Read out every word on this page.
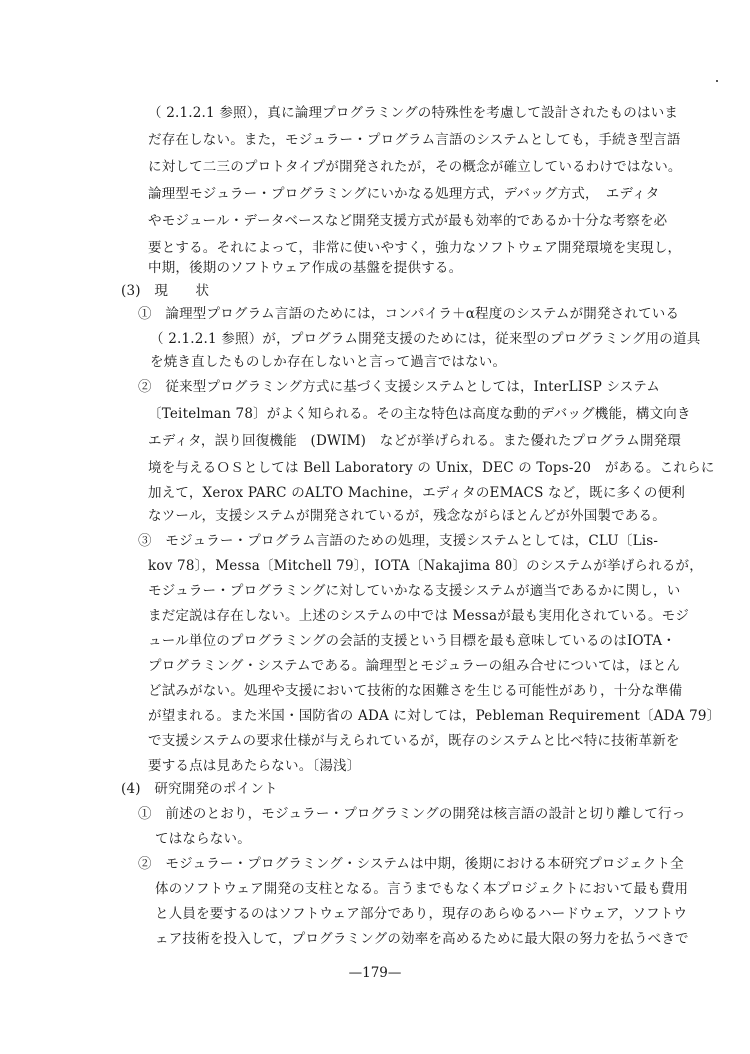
（ 2.1.2.1 参照），真に論理プログラミングの特殊性を考慮して設計されたものはいま
だ存在しない。また，モジュラー・プログラム言語のシステムとしても，手続き型言語
に対して二三のプロトタイプが開発されたが，その概念が確立しているわけではない。
論理型モジュラー・プログラミングにいかなる処理方式，デバッグ方式，　エディタ
やモジュール・データベースなど開発支援方式が最も効率的であるか十分な考察を必
要とする。それによって，非常に使いやすく，強力なソフトウェア開発環境を実現し，
中期，後期のソフトウェア作成の基盤を提供する。
(3)　現　　状
①　論理型プログラム言語のためには，コンパイラ＋α程度のシステムが開発されている
（ 2.1.2.1 参照）が，プログラム開発支援のためには，従来型のプログラミング用の道具
を焼き直したものしか存在しないと言って過言ではない。
②　従来型プログラミング方式に基づく支援システムとしては，InterLISP システム
〔Teitelman 78〕がよく知られる。その主な特色は高度な動的デバッグ機能，構文向き
エディタ，誤り回復機能　(DWIM)　などが挙げられる。また優れたプログラム開発環
境を与えるＯＳとしては Bell Laboratory の Unix，DEC の Tops-20　がある。これらに
加えて，Xerox PARC のALTO Machine，エディタのEMACS など，既に多くの便利
なツール，支援システムが開発されているが，残念ながらほとんどが外国製である。
③　モジュラー・プログラム言語のための処理，支援システムとしては，CLU〔Lis-
kov 78〕，Messa〔Mitchell 79〕，IOTA〔Nakajima 80〕のシステムが挙げられるが，
モジュラー・プログラミングに対していかなる支援システムが適当であるかに関し，い
まだ定説は存在しない。上述のシステムの中では Messaが最も実用化されている。モジ
ュール単位のプログラミングの会話的支援という目標を最も意味しているのはIOTA・
プログラミング・システムである。論理型とモジュラーの組み合せについては，ほとん
ど試みがない。処理や支援において技術的な困難さを生じる可能性があり，十分な準備
が望まれる。また米国・国防省の ADA に対しては，Pebleman Requirement〔ADA 79〕
で支援システムの要求仕様が与えられているが，既存のシステムと比べ特に技術革新を
要する点は見あたらない。〔湯浅〕
(4)　研究開発のポイント
①　前述のとおり，モジュラー・プログラミングの開発は核言語の設計と切り離して行っ
てはならない。
②　モジュラー・プログラミング・システムは中期，後期における本研究プロジェクト全
体のソフトウェア開発の支柱となる。言うまでもなく本プロジェクトにおいて最も費用
と人員を要するのはソフトウェア部分であり，現存のあらゆるハードウェア，ソフトウ
ェア技術を投入して，プログラミングの効率を高めるために最大限の努力を払うべきで
—179—
